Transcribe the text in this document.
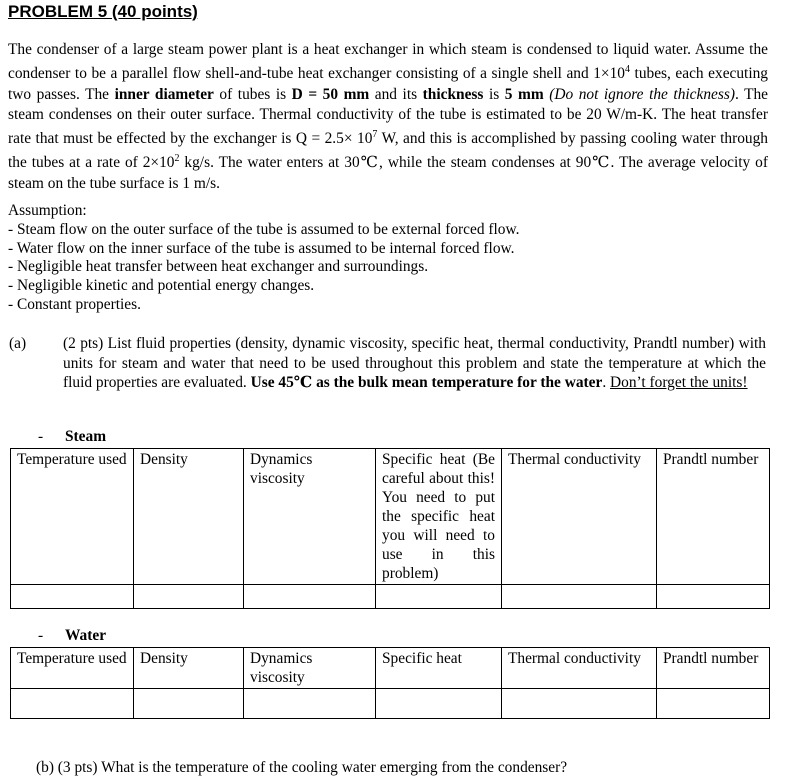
PROBLEM 5 (40 points)
The condenser of a large steam power plant is a heat exchanger in which steam is condensed to liquid water. Assume the condenser to be a parallel flow shell-and-tube heat exchanger consisting of a single shell and $1\times 10^4$ tubes, each executing two passes. The inner diameter of tubes is D = 50 mm and its thickness is 5 mm (Do not ignore the thickness). The steam condenses on their outer surface. Thermal conductivity of the tube is estimated to be 20 W/m-K. The heat transfer rate that must be effected by the exchanger is $Q = 2.5\times 10^7$ W, and this is accomplished by passing cooling water through the tubes at a rate of $2\times 10^2$ kg/s. The water enters at 30℃, while the steam condenses at 90℃. The average velocity of steam on the tube surface is 1 m/s.
Assumption:
- Steam flow on the outer surface of the tube is assumed to be external forced flow.
- Water flow on the inner surface of the tube is assumed to be internal forced flow.
- Negligible heat transfer between heat exchanger and surroundings.
- Negligible kinetic and potential energy changes.
- Constant properties.
(a) (2 pts) List fluid properties (density, dynamic viscosity, specific heat, thermal conductivity, Prandtl number) with units for steam and water that need to be used throughout this problem and state the temperature at which the fluid properties are evaluated. Use 45℃ as the bulk mean temperature for the water. Don’t forget the units!
- Steam
Temperature used	Density	Dynamics viscosity	Specific heat (Be careful about this! You need to put the specific heat you will need to use in this problem)	Thermal conductivity	Prandtl number

- Water
Temperature used	Density	Dynamics viscosity	Specific heat	Thermal conductivity	Prandtl number

(b) (3 pts) What is the temperature of the cooling water emerging from the condenser?
